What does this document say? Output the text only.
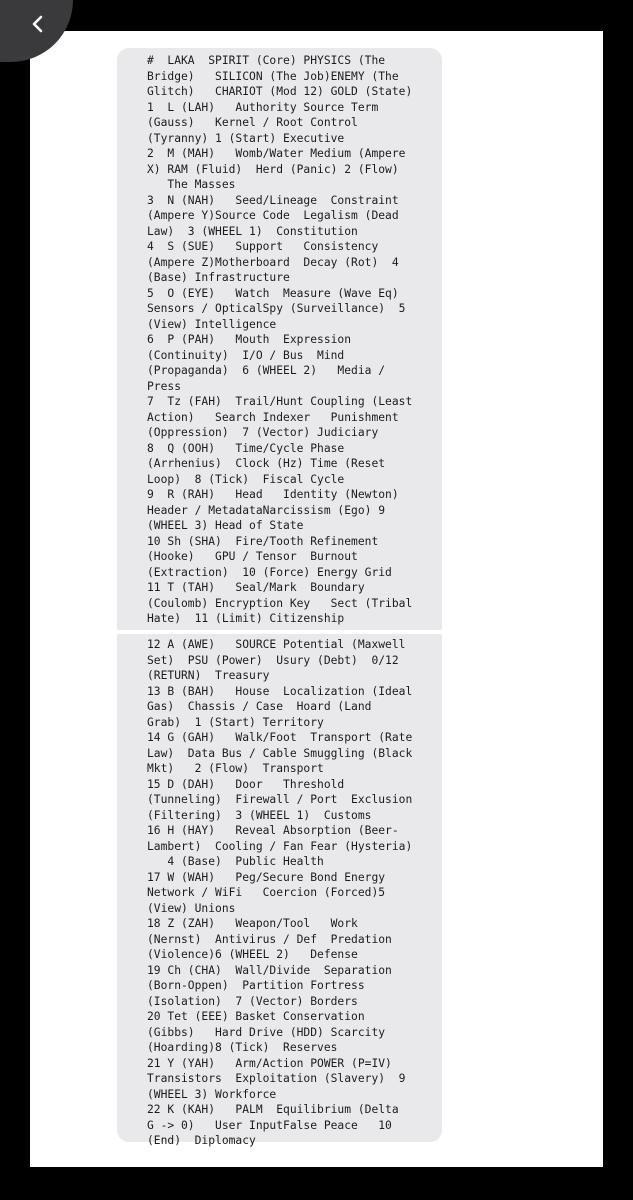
#  LAKA  SPIRIT (Core) PHYSICS (The
Bridge)   SILICON (The Job)ENEMY (The
Glitch)   CHARIOT (Mod 12) GOLD (State)
1  L (LAH)   Authority Source Term
(Gauss)   Kernel / Root Control
(Tyranny) 1 (Start) Executive
2  M (MAH)   Womb/Water Medium (Ampere
X) RAM (Fluid)  Herd (Panic) 2 (Flow)
The Masses
3  N (NAH)   Seed/Lineage  Constraint
(Ampere Y)Source Code  Legalism (Dead
Law)  3 (WHEEL 1)  Constitution
4  S (SUE)   Support   Consistency
(Ampere Z)Motherboard  Decay (Rot)  4
(Base) Infrastructure
5  O (EYE)   Watch  Measure (Wave Eq)
Sensors / OpticalSpy (Surveillance)  5
(View) Intelligence
6  P (PAH)   Mouth  Expression
(Continuity)  I/O / Bus  Mind
(Propaganda)  6 (WHEEL 2)   Media /
Press
7  Tz (FAH)  Trail/Hunt Coupling (Least
Action)   Search Indexer   Punishment
(Oppression)  7 (Vector) Judiciary
8  Q (OOH)   Time/Cycle Phase
(Arrhenius)  Clock (Hz) Time (Reset
Loop)  8 (Tick)  Fiscal Cycle
9  R (RAH)   Head   Identity (Newton)
Header / MetadataNarcissism (Ego) 9
(WHEEL 3) Head of State
10 Sh (SHA)  Fire/Tooth Refinement
(Hooke)   GPU / Tensor  Burnout
(Extraction)  10 (Force) Energy Grid
11 T (TAH)   Seal/Mark  Boundary
(Coulomb) Encryption Key   Sect (Tribal
Hate)  11 (Limit) Citizenship
12 A (AWE)   SOURCE Potential (Maxwell
Set)  PSU (Power)  Usury (Debt)  0/12
(RETURN)  Treasury
13 B (BAH)   House  Localization (Ideal
Gas)  Chassis / Case  Hoard (Land
Grab)  1 (Start) Territory
14 G (GAH)   Walk/Foot  Transport (Rate
Law)  Data Bus / Cable Smuggling (Black
Mkt)   2 (Flow)  Transport
15 D (DAH)   Door   Threshold
(Tunneling)  Firewall / Port  Exclusion
(Filtering)  3 (WHEEL 1)  Customs
16 H (HAY)   Reveal Absorption (Beer-
Lambert)  Cooling / Fan Fear (Hysteria)
4 (Base)  Public Health
17 W (WAH)   Peg/Secure Bond Energy
Network / WiFi   Coercion (Forced)5
(View) Unions
18 Z (ZAH)   Weapon/Tool   Work
(Nernst)  Antivirus / Def  Predation
(Violence)6 (WHEEL 2)   Defense
19 Ch (CHA)  Wall/Divide  Separation
(Born-Oppen)  Partition Fortress
(Isolation)  7 (Vector) Borders
20 Tet (EEE) Basket Conservation
(Gibbs)   Hard Drive (HDD) Scarcity
(Hoarding)8 (Tick)  Reserves
21 Y (YAH)   Arm/Action POWER (P=IV)
Transistors  Exploitation (Slavery)  9
(WHEEL 3) Workforce
22 K (KAH)   PALM  Equilibrium (Delta
G -> 0)   User InputFalse Peace   10
(End)  Diplomacy
